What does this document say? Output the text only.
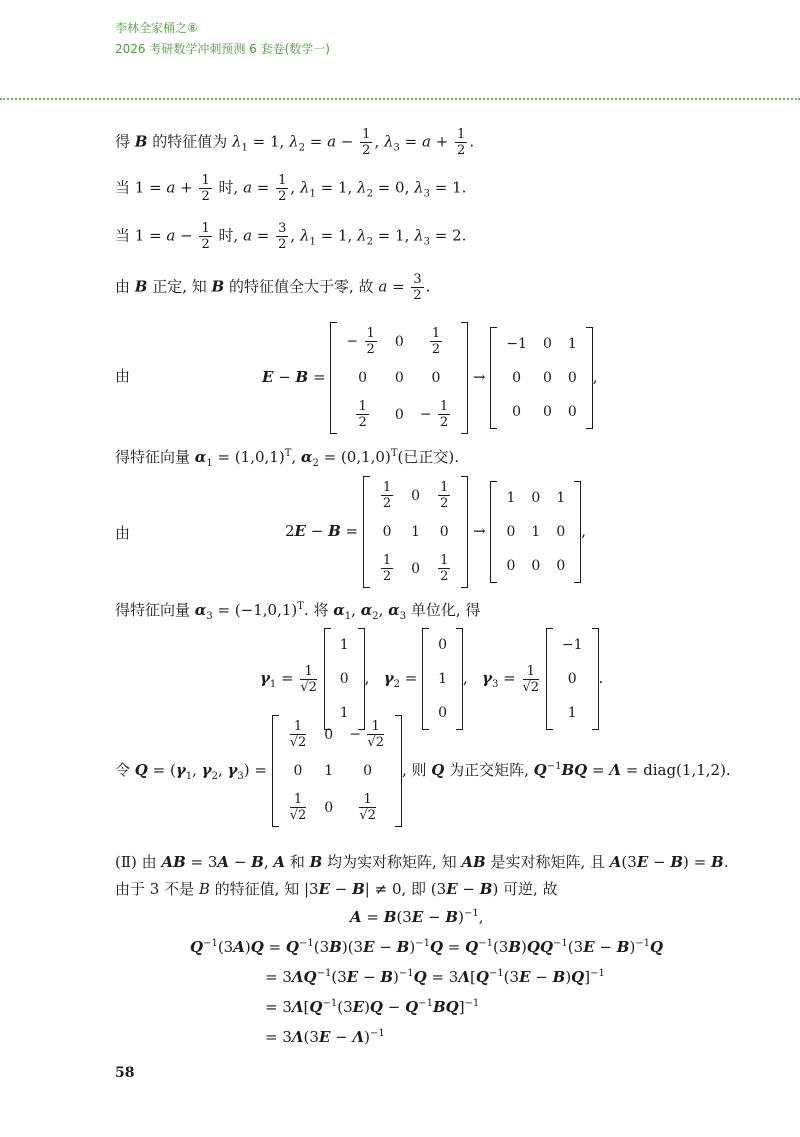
李林全家桶之⑧
2026 考研数学冲刺预测 6 套卷(数学一)
得 B 的特征值为 $\lambda_1 = 1$, $\lambda_2 = a - \frac{1}{2}$ , $\lambda_3 = a + \frac{1}{2}$ .
当 $1 = a + \frac{1}{2}$ 时, $a = \frac{1}{2}$ , $\lambda_1 = 1$, $\lambda_2 = 0$, $\lambda_3 = 1$.
当 $1 = a - \frac{1}{2}$ 时, $a = \frac{3}{2}$ , $\lambda_1 = 1$, $\lambda_2 = 1$, $\lambda_3 = 2$.
由 B 正定, 知 B 的特征值全大于零, 故 $a = \frac{3}{2}$ .
由	E − B =
− $\frac{1}{2}$	0	$\frac{1}{2}$

0	0	0

$\frac{1}{2}$	0	− $\frac{1}{2}$
→
−1	0	1
0	0	0
0	0	0
,
得特征向量 $\alpha_1 = (1,0,1)^T$, $\alpha_2 = (0,1,0)^T$(已正交).
由	2E − B =
$\frac{1}{2}$	0	$\frac{1}{2}$

0	1	0

$\frac{1}{2}$	0	$\frac{1}{2}$
→
1	0	1
0	1	0
0	0	0
,
得特征向量 $\alpha_3 = (-1,0,1)^T$. 将 $\alpha_1$, $\alpha_2$, $\alpha_3$ 单位化, 得
$\gamma_1 = \frac{1}{√2}$

1
0
1
,   $\gamma_2$ =
0
1
0
,   $\gamma_3 = \frac{1}{√2}$

−1
0
1
.
令 $Q = (\gamma_1$, $\gamma_2$, $\gamma_3$) =
$\frac{1}{√2}$	0	− $\frac{1}{√2}$

0	1	0

$\frac{1}{√2}$	0	$\frac{1}{√2}$
, 则 Q 为正交矩阵, $Q^{-1}BQ = \Lambda$ = diag(1,1,2).
(Ⅱ) 由 AB = 3A − B, A 和 B 均为实对称矩阵, 知 AB 是实对称矩阵, 且 A(3E − B) = B.
由于 3 不是 B 的特征值, 知 |3E − B| ≠ 0, 即 (3E − B) 可逆, 故
$A = B(3E - B)^{-1}$,
$Q^{-1}(3A)Q = Q^{-1}(3B)(3E - B)^{-1}Q = Q^{-1}(3B)QQ^{-1}(3E - B)^{-1}Q$
= $3\Lambda Q^{-1}(3E - B)^{-1}Q = 3\Lambda[Q^{-1}(3E - B)Q]^{-1}$
= $3\Lambda[Q^{-1}(3E)Q - Q^{-1}BQ]^{-1}$
= $3\Lambda(3E - \Lambda)^{-1}$
58
